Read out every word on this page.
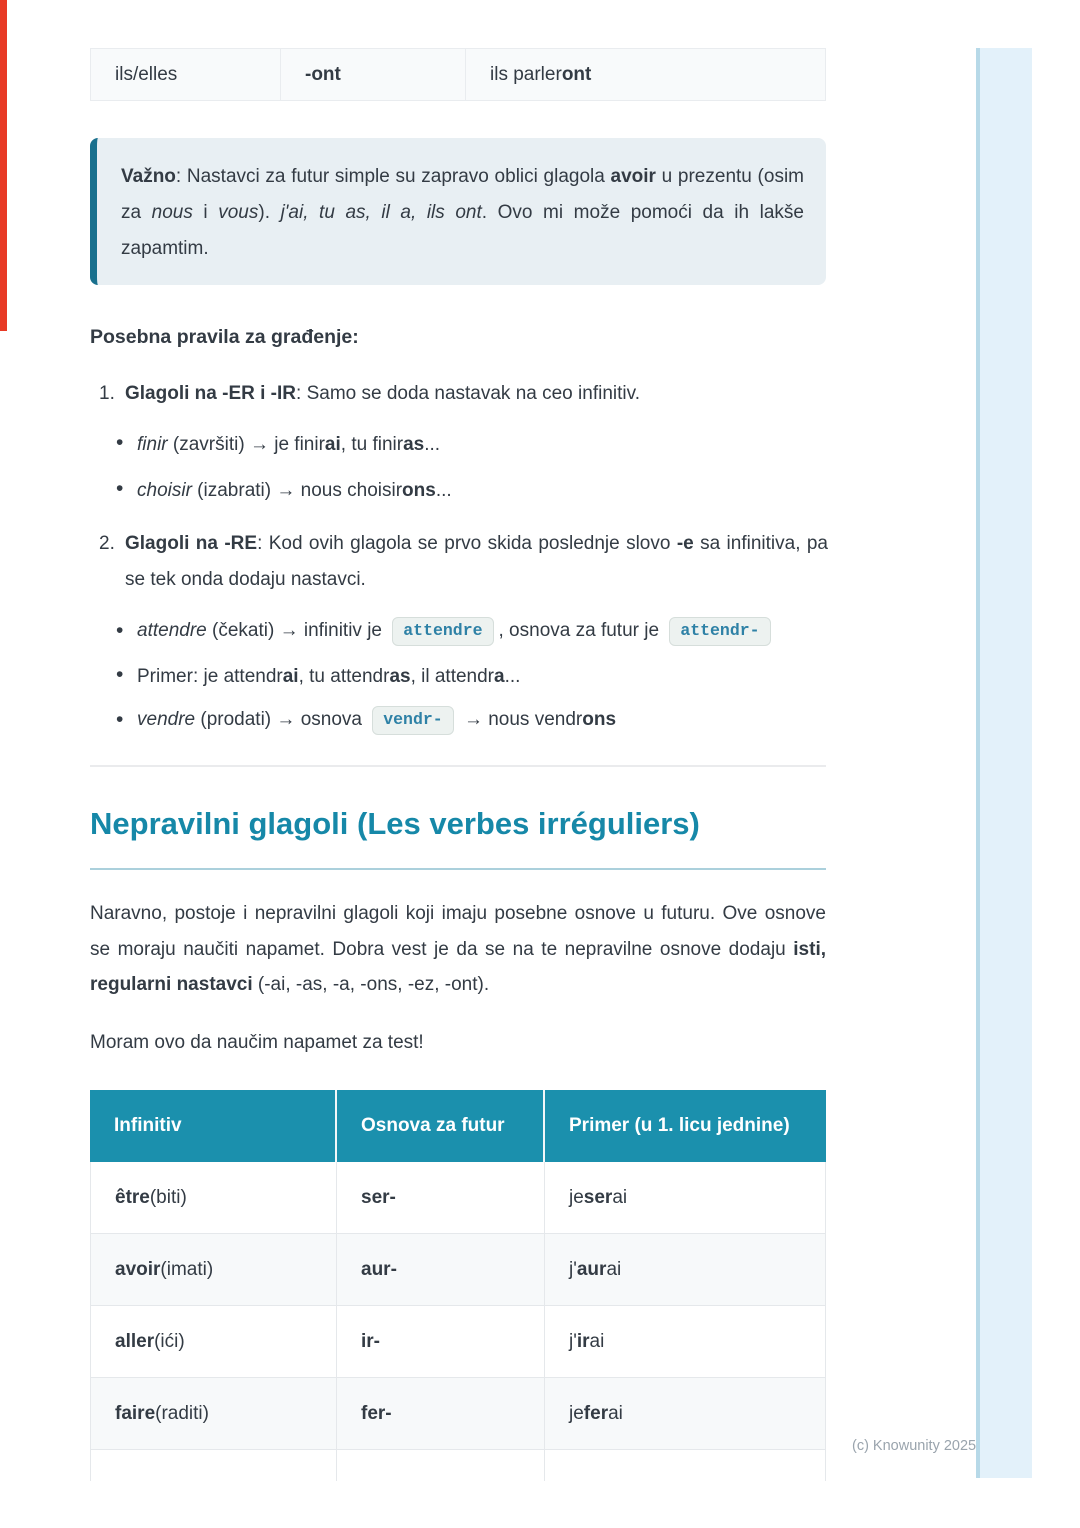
ils/elles	-ont	ils parler ont
Važno: Nastavci za futur simple su zapravo oblici glagola avoir u prezentu (osim za nous i vous). j'ai, tu as, il a, ils ont. Ovo mi može pomoći da ih lakše zapamtim.
Posebna pravila za građenje:
1. Glagoli na -ER i -IR: Samo se doda nastavak na ceo infinitiv.
• finir (završiti) → je finirai, tu finiras...
• choisir (izabrati) → nous choisirons...
2. Glagoli na -RE: Kod ovih glagola se prvo skida poslednje slovo -e sa infinitiva, pa se tek onda dodaju nastavci.
• attendre (čekati) → infinitiv je attendre , osnova za futur je attendr-
• Primer: je attendrai, tu attendras, il attendra...
• vendre (prodati) → osnova vendr- → nous vendrons
Nepravilni glagoli (Les verbes irréguliers)
Naravno, postoje i nepravilni glagoli koji imaju posebne osnove u futuru. Ove osnove se moraju naučiti napamet. Dobra vest je da se na te nepravilne osnove dodaju isti, regularni nastavci (-ai, -as, -a, -ons, -ez, -ont).
Moram ovo da naučim napamet za test!
Infinitiv	Osnova za futur	Primer (u 1. licu jednine)
être (biti)	ser-	je ser ai
avoir (imati)	aur-	j' aur ai
aller (ići)	ir-	j' ir ai
faire (raditi)	fer-	je fer ai
(c) Knowunity 2025
